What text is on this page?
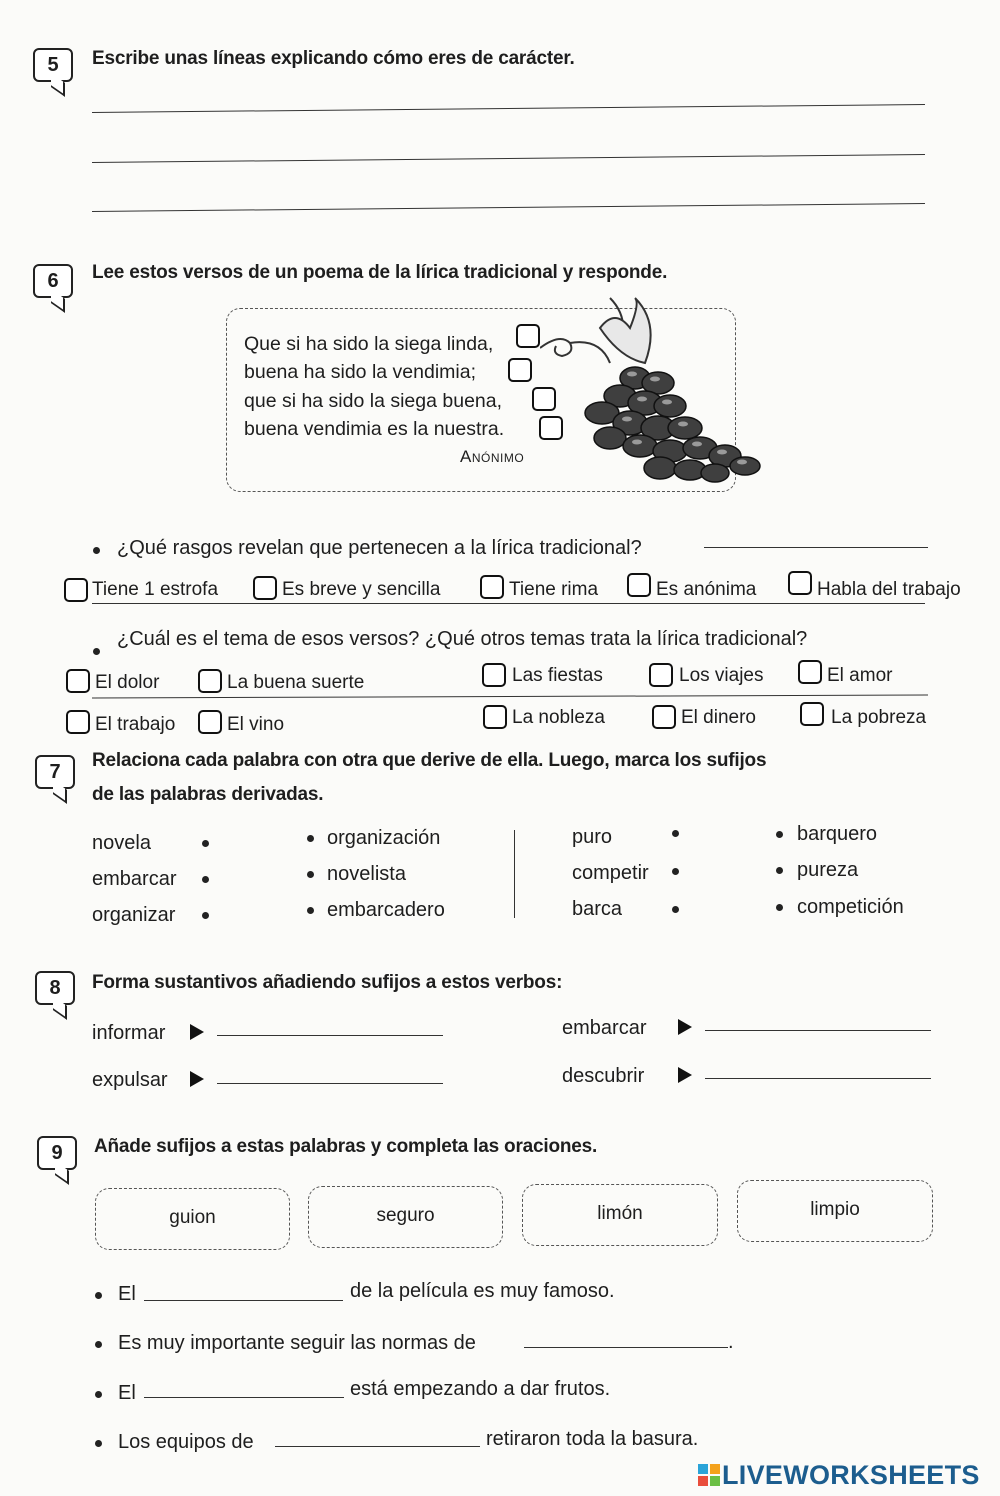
5	Escribe unas líneas explicando cómo eres de carácter.
6	Lee estos versos de un poema de la lírica tradicional y responde.
Que si ha sido la siega linda,
buena ha sido la vendimia;
que si ha sido la siega buena,
buena vendimia es la nuestra.
Anónimo
¿Qué rasgos revelan que pertenecen a la lírica tradicional?
Tiene 1 estrofa	Es breve y sencilla	Tiene rima	Es anónima	Habla del trabajo
¿Cuál es el tema de esos versos? ¿Qué otros temas trata la lírica tradicional?
El dolor	La buena suerte	Las fiestas	Los viajes	El amor
El trabajo	El vino	La nobleza	El dinero	La pobreza
7
Relaciona cada palabra con otra que derive de ella. Luego, marca los sufijos
de las palabras derivadas.
novela	organización
embarcar	novelista
organizar	embarcadero
puro	barquero
competir	pureza
barca	competición
8	Forma sustantivos añadiendo sufijos a estos verbos:
informar
expulsar
embarcar
descubrir
9	Añade sufijos a estas palabras y completa las oraciones.
guion	seguro	limón	limpio
El	de la película es muy famoso.
Es muy importante seguir las normas de	.
El	está empezando a dar frutos.
Los equipos de	retiraron toda la basura.
LIVEWORKSHEETS
